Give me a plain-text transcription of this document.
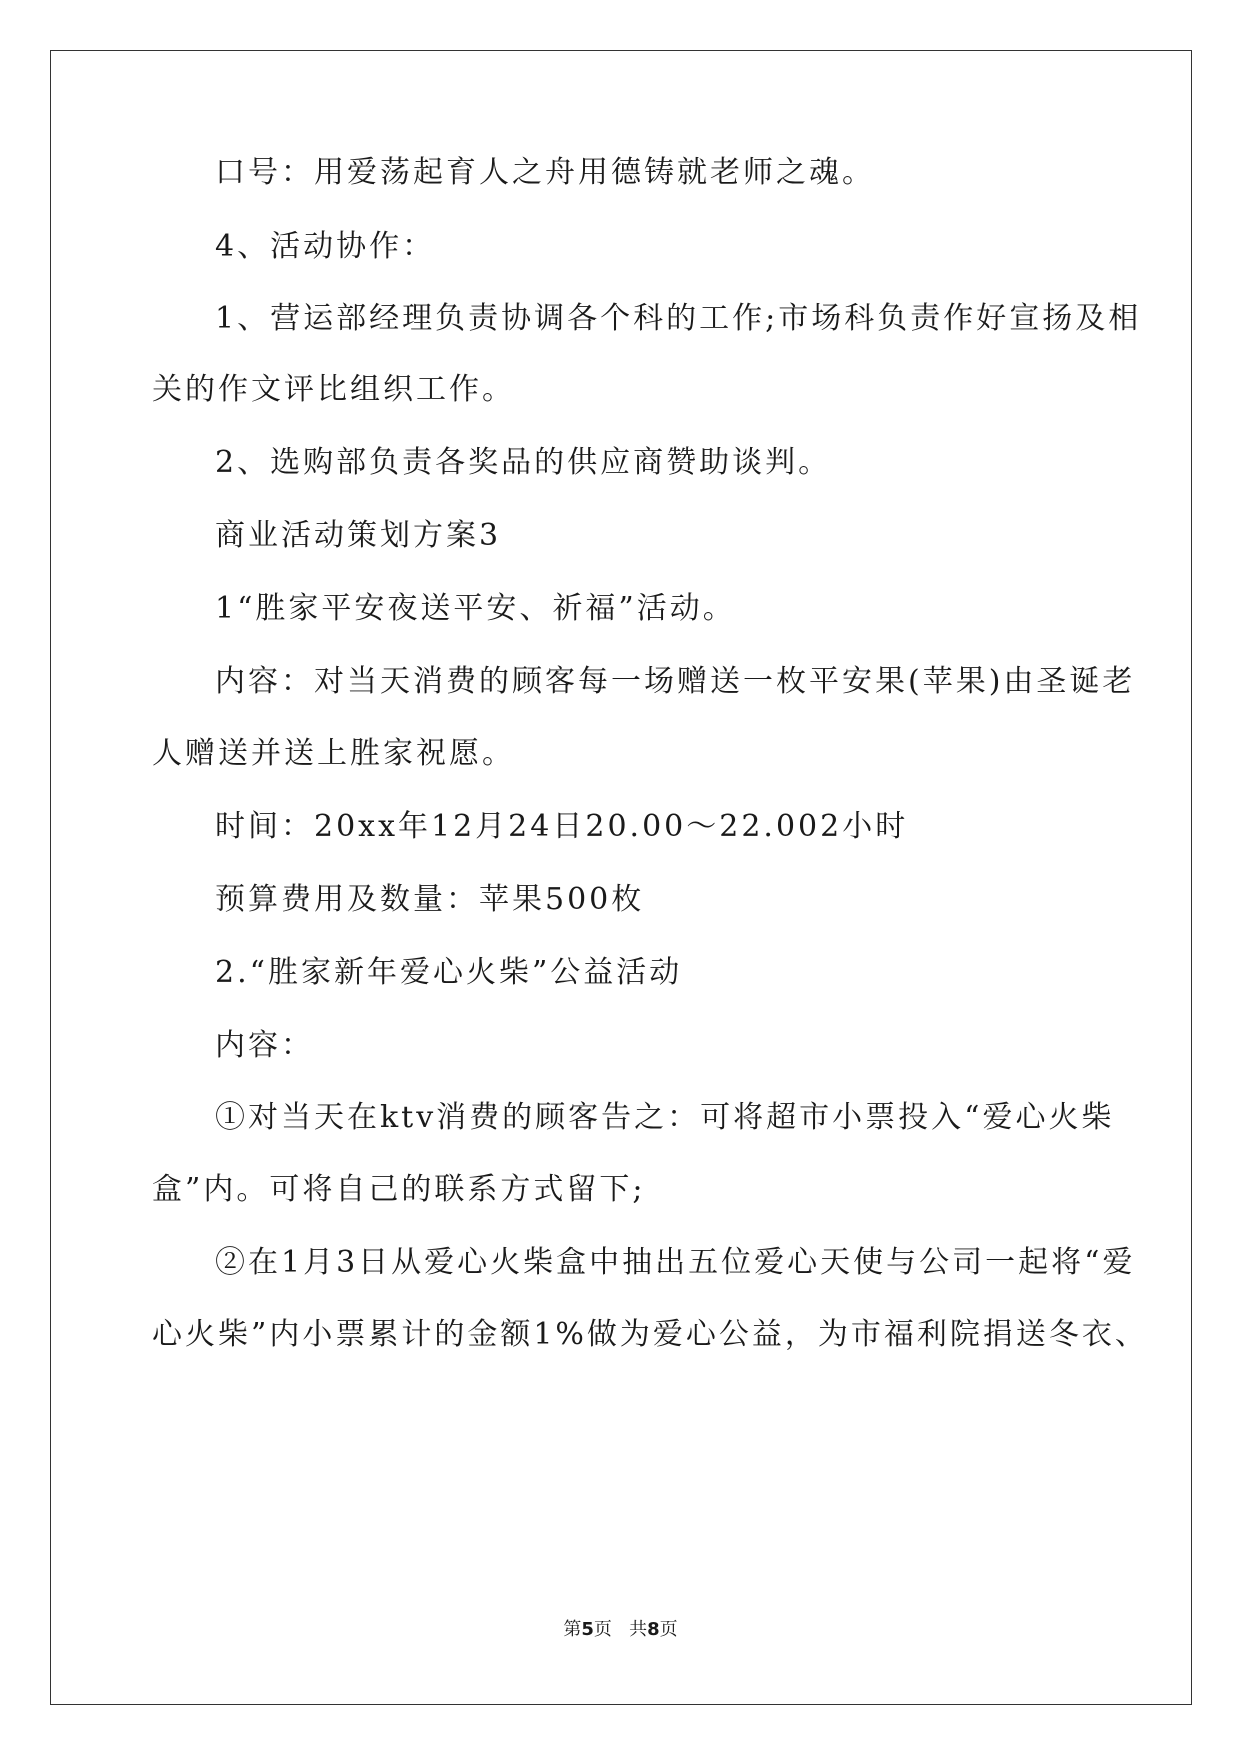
口号：用爱荡起育人之舟用德铸就老师之魂。
4、活动协作：
1、营运部经理负责协调各个科的工作;市场科负责作好宣扬及相
关的作文评比组织工作。
2、选购部负责各奖品的供应商赞助谈判。
商业活动策划方案3
1“胜家平安夜送平安、祈福”活动。
内容：对当天消费的顾客每一场赠送一枚平安果(苹果)由圣诞老
人赠送并送上胜家祝愿。
时间：20xx年12月24日20.00～22.002小时
预算费用及数量：苹果500枚
2.“胜家新年爱心火柴”公益活动
内容：
①对当天在ktv消费的顾客告之：可将超市小票投入“爱心火柴
盒”内。可将自己的联系方式留下;
②在1月3日从爱心火柴盒中抽出五位爱心天使与公司一起将“爱
心火柴”内小票累计的金额1%做为爱心公益，为市福利院捐送冬衣、
第5页   共8页
